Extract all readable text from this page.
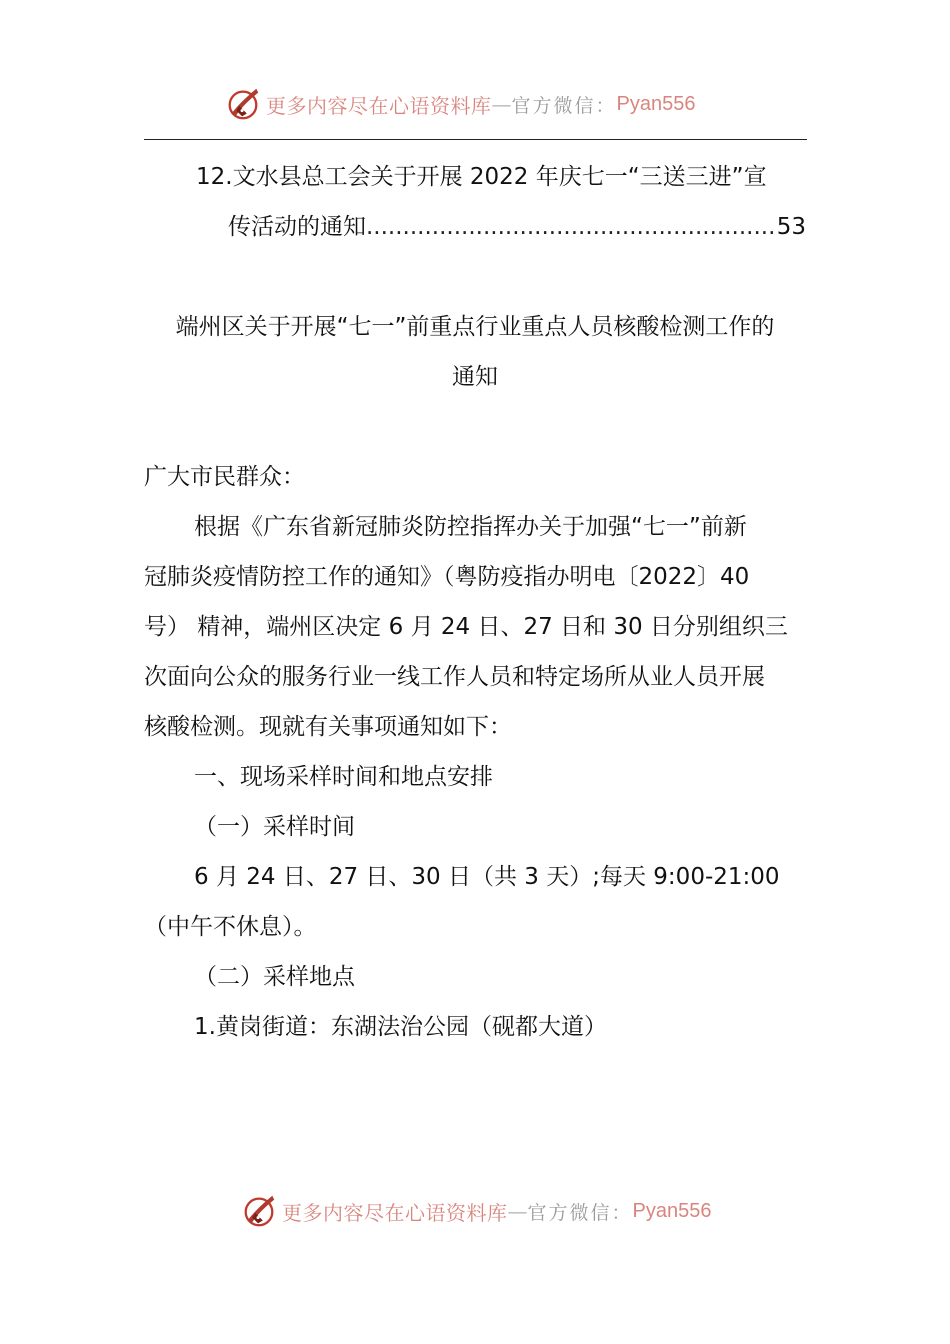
更多内容尽在心语资料库 — 官方微信： Pyan556
12.文水县总工会关于开展 2022 年庆七一“三送三进”宣
传活动的通知
.....	53
端州区关于开展“七一”前重点行业重点人员核酸检测工作的
通知
广大市民群众：
根据《广东省新冠肺炎防控指挥办关于加强“七一”前新
冠肺炎疫情防控工作的通知》（粤防疫指办明电〔2022〕40
号） 精神，端州区决定 6 月 24 日、27 日和 30 日分别组织三
次面向公众的服务行业一线工作人员和特定场所从业人员开展
核酸检测。现就有关事项通知如下：
一、现场采样时间和地点安排
（一）采样时间
6 月 24 日、27 日、30 日（共 3 天）;每天 9:00-21:00
（中午不休息）。
（二）采样地点
1.黄岗街道：东湖法治公园（砚都大道）
更多内容尽在心语资料库 — 官方微信： Pyan556
